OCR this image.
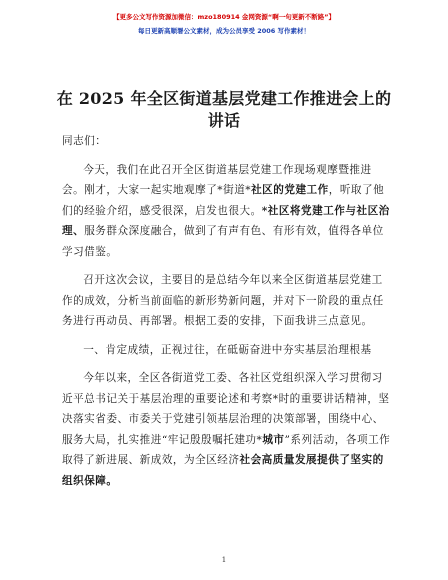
【更多公文写作资源加微信：mzo180914 金网资源“啊一句更新不断路”】
每日更新高顺署公文素材，成为公员享受 2006 写作素材！
在 2025 年全区街道基层党建工作推进会上的讲话

同志们：

今天，我们在此召开全区街道基层党建工作现场观摩暨推进会。刚才，大家一起实地观摩了*街道*社区的党建工作，听取了他们的经验介绍，感受很深，启发也很大。*社区将党建工作与社区治理、服务群众深度融合，做到了有声有色、有形有效，值得各单位学习借鉴。

召开这次会议，主要目的是总结今年以来全区街道基层党建工作的成效，分析当前面临的新形势新问题，并对下一阶段的重点任务进行再动员、再部署。根据工委的安排，下面我讲三点意见。

一、肯定成绩，正视过往，在砥砺奋进中夯实基层治理根基

今年以来，全区各街道党工委、各社区党组织深入学习贯彻习近平总书记关于基层治理的重要论述和考察*时的重要讲话精神，坚决落实省委、市委关于党建引领基层治理的决策部署，围绕中心、服务大局，扎实推进“牢记殷殷嘱托建功*城市”系列活动，各项工作取得了新进展、新成效，为全区经济社会高质量发展提供了坚实的组织保障。

1
